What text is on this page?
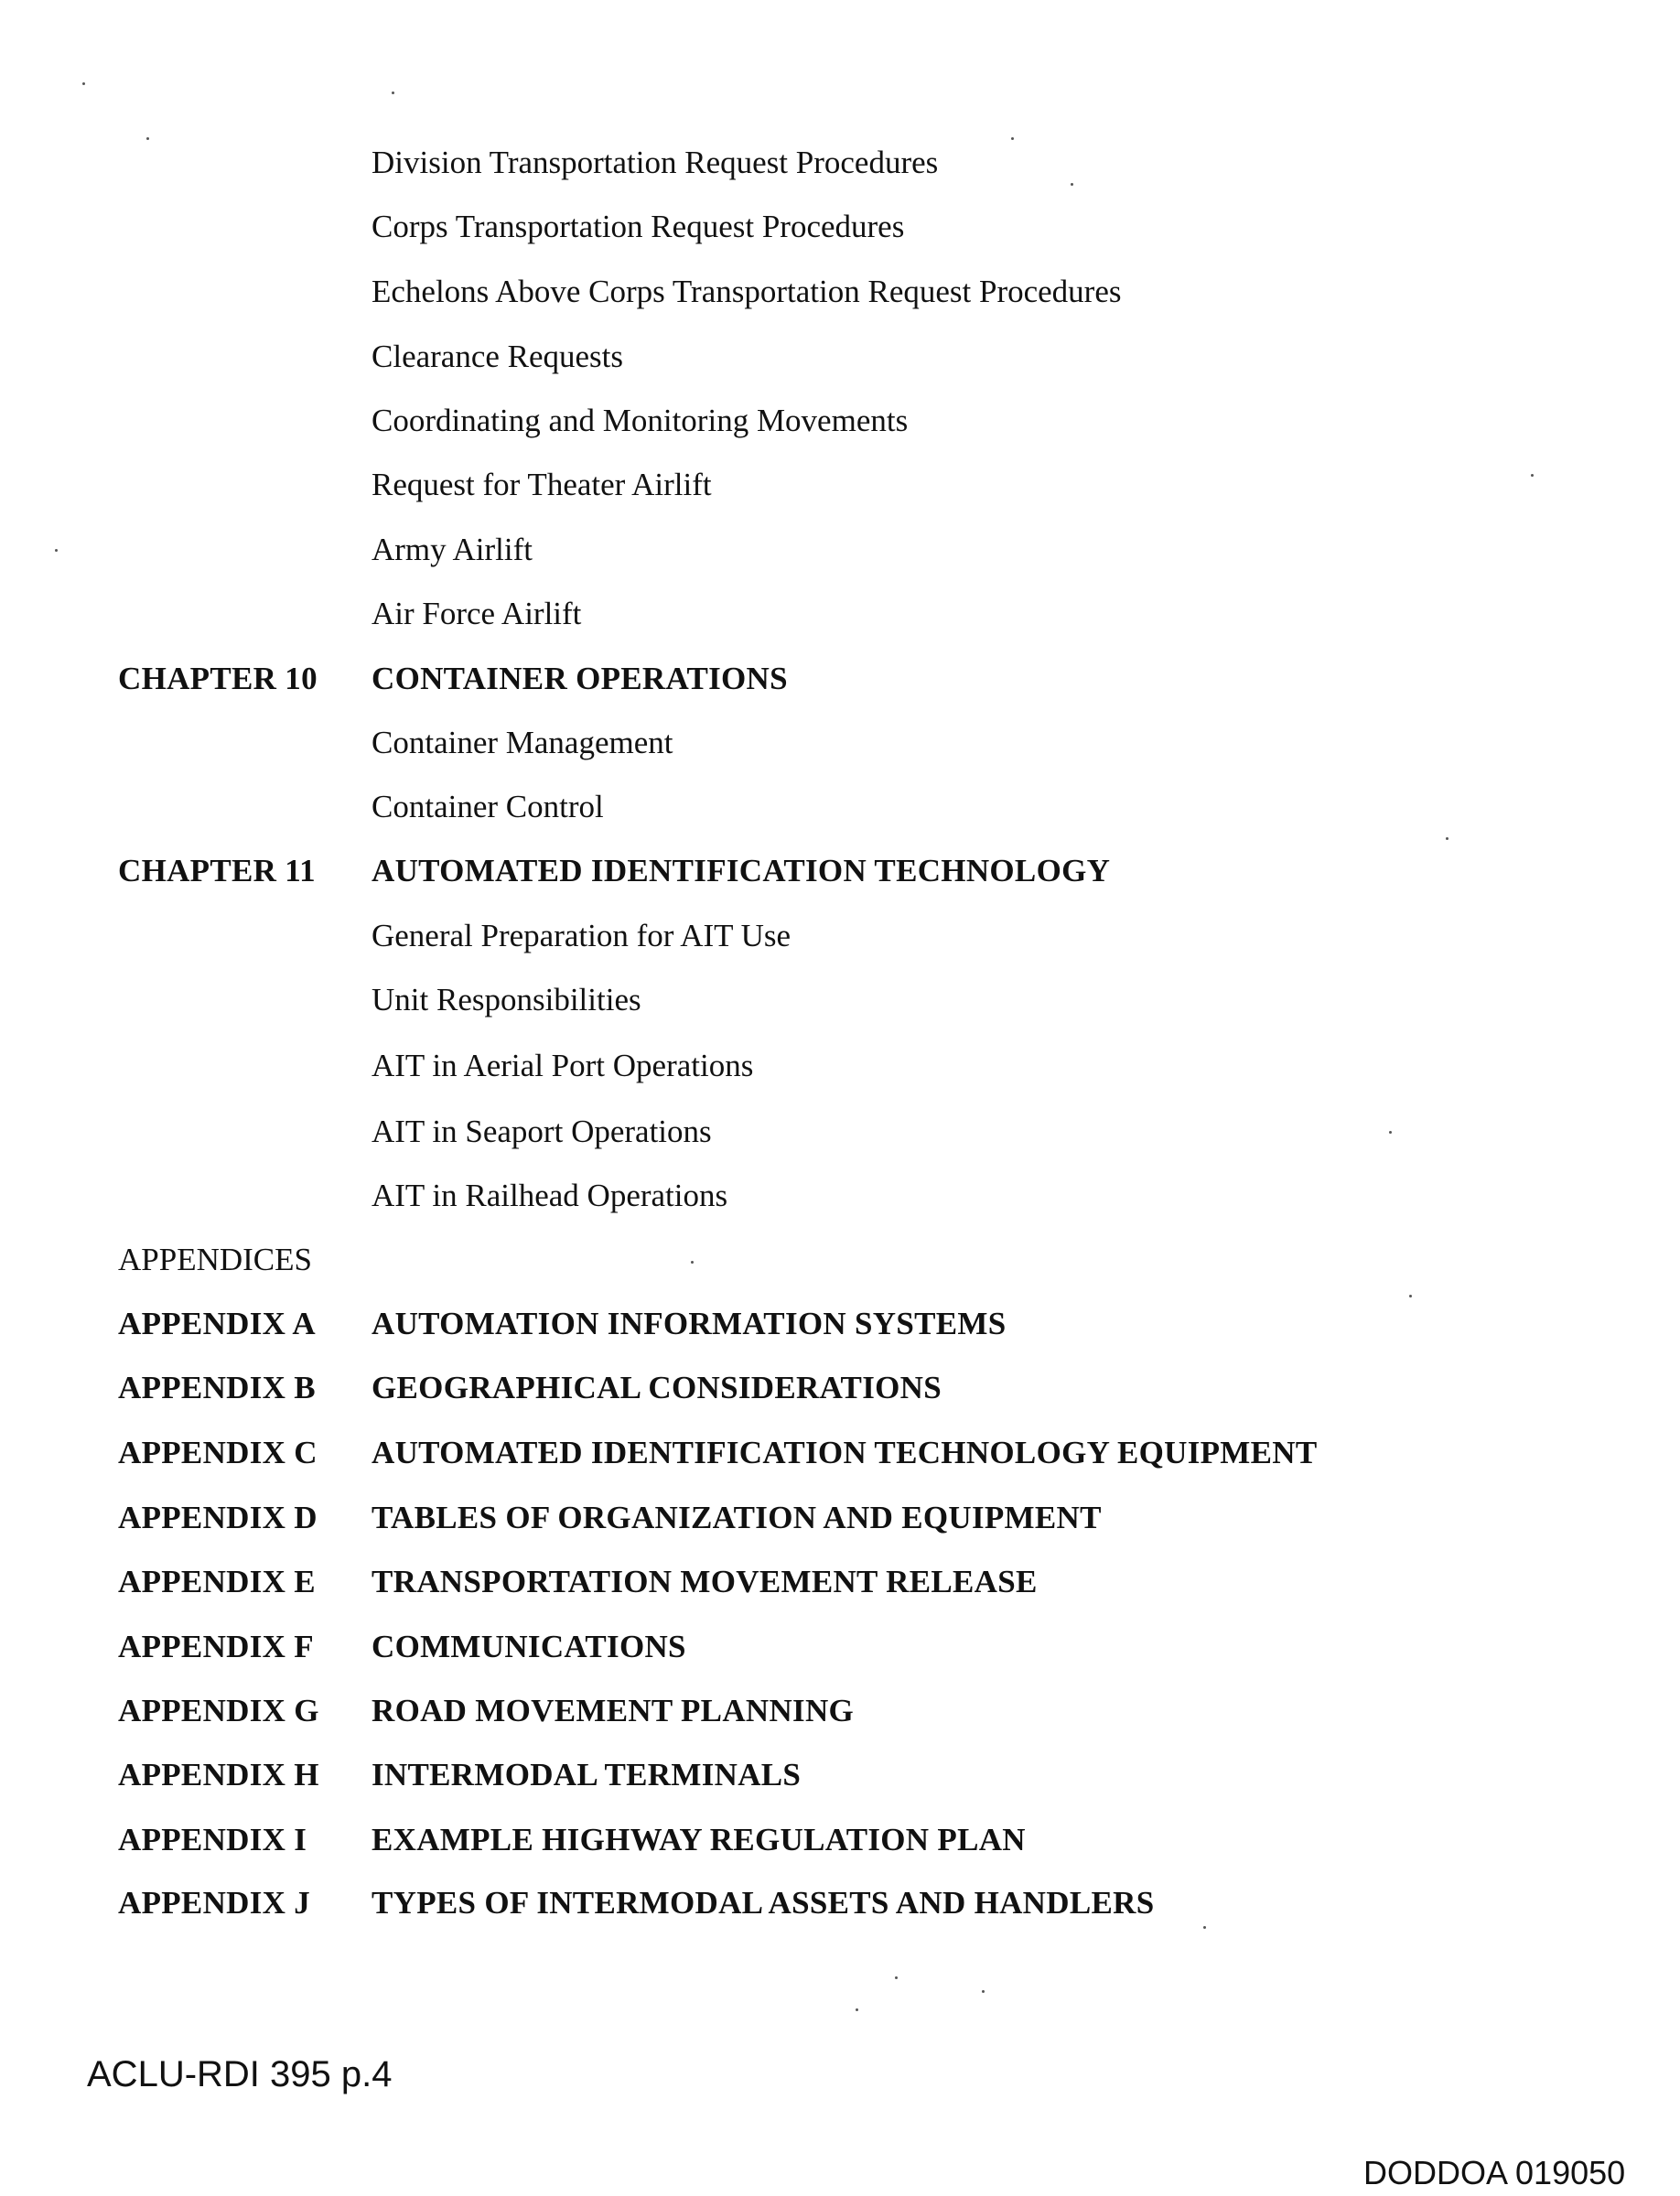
Division Transportation Request Procedures
Corps Transportation Request Procedures
Echelons Above Corps Transportation Request Procedures
Clearance Requests
Coordinating and Monitoring Movements
Request for Theater Airlift
Army Airlift
Air Force Airlift
CHAPTER 10 CONTAINER OPERATIONS
Container Management
Container Control
CHAPTER 11 AUTOMATED IDENTIFICATION TECHNOLOGY
General Preparation for AIT Use
Unit Responsibilities
AIT in Aerial Port Operations
AIT in Seaport Operations
AIT in Railhead Operations
APPENDICES
APPENDIX A AUTOMATION INFORMATION SYSTEMS
APPENDIX B GEOGRAPHICAL CONSIDERATIONS
APPENDIX C AUTOMATED IDENTIFICATION TECHNOLOGY EQUIPMENT
APPENDIX D TABLES OF ORGANIZATION AND EQUIPMENT
APPENDIX E TRANSPORTATION MOVEMENT RELEASE
APPENDIX F COMMUNICATIONS
APPENDIX G ROAD MOVEMENT PLANNING
APPENDIX H INTERMODAL TERMINALS
APPENDIX I EXAMPLE HIGHWAY REGULATION PLAN
APPENDIX J TYPES OF INTERMODAL ASSETS AND HANDLERS
ACLU-RDI 395 p.4
DODDOA 019050
